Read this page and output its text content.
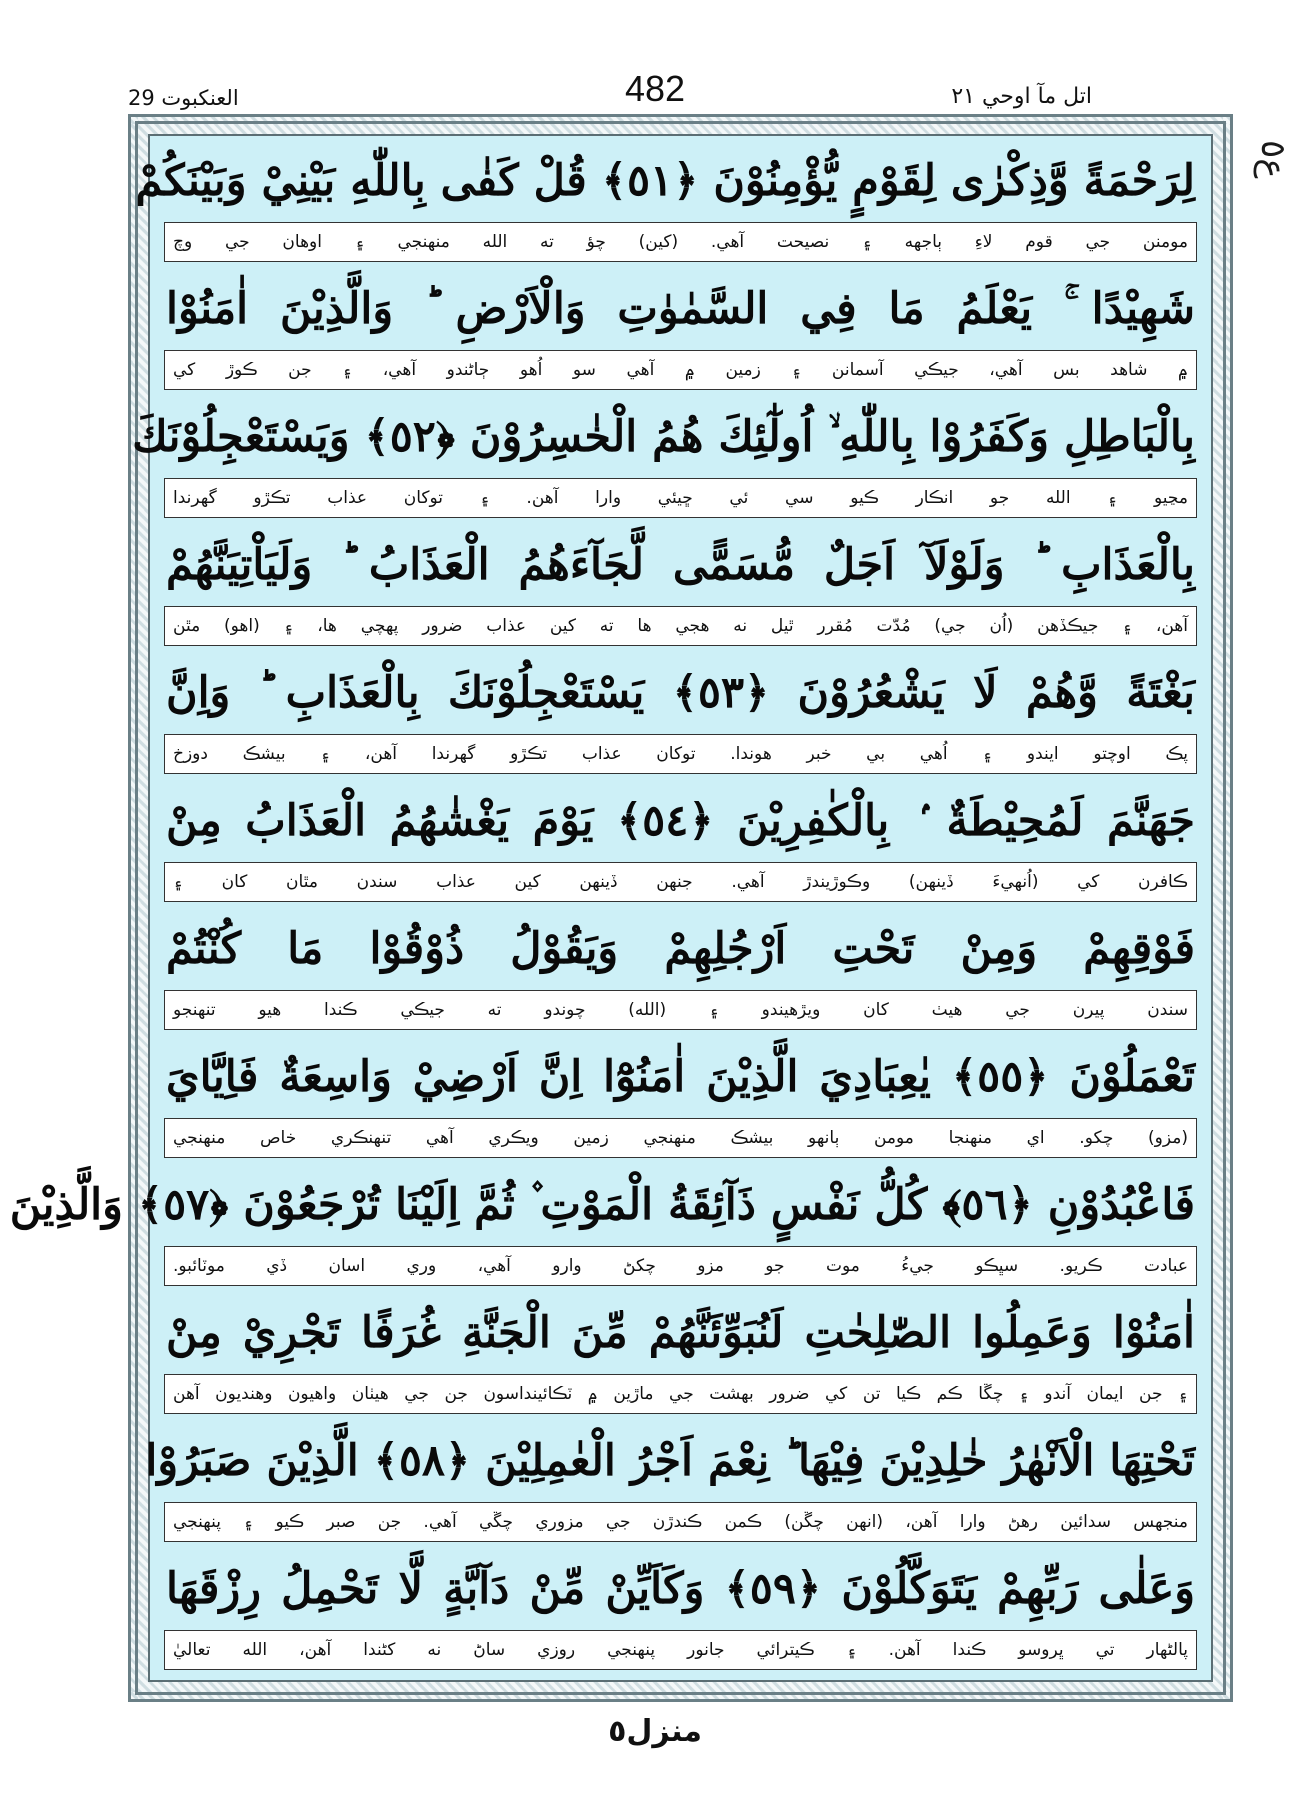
العنكبوت 29	482	اتل مآ اوحي ٢١
ع٥
لِرَحْمَةً وَّذِكْرٰى لِقَوْمٍ يُّؤْمِنُوْنَ ﴿٥١﴾ قُلْ كَفٰى بِاللّٰهِ بَيْنِيْ وَبَيْنَكُمْ
مومنن جي قوم لاءِ ٻاجهه ۽ نصيحت آهي. (کين) چؤ ته الله منهنجي ۽ اوهان جي وچ
شَهِيْدًا ۚ يَعْلَمُ مَا فِي السَّمٰوٰتِ وَالْاَرْضِ ؕ وَالَّذِيْنَ اٰمَنُوْا
۾ شاهد بس آهي، جيڪي آسمانن ۽ زمين ۾ آهي سو اُهو ڄاڻندو آهي، ۽ جن ڪوڙ کي
بِالْبَاطِلِ وَكَفَرُوْا بِاللّٰهِ ۙ اُولٰٓئِكَ هُمُ الْخٰسِرُوْنَ ﴿٥٢﴾ وَيَسْتَعْجِلُوْنَكَ
مڃيو ۽ الله جو انڪار ڪيو سي ئي ڇيئي وارا آهن. ۽ توکان عذاب تڪڙو گهرندا
بِالْعَذَابِ ؕ وَلَوْلَآ اَجَلٌ مُّسَمًّى لَّجَآءَهُمُ الْعَذَابُ ؕ وَلَيَاْتِيَنَّهُمْ
آهن، ۽ جيڪڏهن (اُن جي) مُدّت مُقرر ٿيل نه هجي ها ته کين عذاب ضرور پهچي ها، ۽ (اهو) مٿن
بَغْتَةً وَّهُمْ لَا يَشْعُرُوْنَ ﴿٥٣﴾ يَسْتَعْجِلُوْنَكَ بِالْعَذَابِ ؕ وَاِنَّ
پڪ اوچتو ايندو ۽ اُهي بي خبر هوندا. توکان عذاب تڪڙو گهرندا آهن، ۽ بيشڪ دوزخ
جَهَنَّمَ لَمُحِيْطَةٌ ۢ بِالْكٰفِرِيْنَ ﴿٥٤﴾ يَوْمَ يَغْشٰهُمُ الْعَذَابُ مِنْ
ڪافرن کي (اُنهيءَ ڏينهن) وڪوڙيندڙ آهي. جنهن ڏينهن کين عذاب سندن مٿان کان ۽
فَوْقِهِمْ وَمِنْ تَحْتِ اَرْجُلِهِمْ وَيَقُوْلُ ذُوْقُوْا مَا كُنْتُمْ
سندن پيرن جي هيٺ کان ويڙهيندو ۽ (الله) چوندو ته جيڪي ڪندا هيو تنهنجو
تَعْمَلُوْنَ ﴿٥٥﴾ يٰعِبَادِيَ الَّذِيْنَ اٰمَنُوْٓا اِنَّ اَرْضِيْ وَاسِعَةٌ فَاِيَّايَ
(مزو) چکو. اي منهنجا مومن ٻانهو بيشڪ منهنجي زمين ويڪري آهي تنهنڪري خاص منهنجي
فَاعْبُدُوْنِ ﴿٥٦﴾ كُلُّ نَفْسٍ ذَآئِقَةُ الْمَوْتِ ۫ ثُمَّ اِلَيْنَا تُرْجَعُوْنَ ﴿٥٧﴾ وَالَّذِيْنَ
عبادت ڪريو. سڀڪو جيءُ موت جو مزو چکڻ وارو آهي، وري اسان ڏي موٽائبو.
اٰمَنُوْا وَعَمِلُوا الصّٰلِحٰتِ لَنُبَوِّئَنَّهُمْ مِّنَ الْجَنَّةِ غُرَفًا تَجْرِيْ مِنْ
۽ جن ايمان آندو ۽ چڱا ڪم ڪيا تن کي ضرور بهشت جي ماڙين ۾ ٽڪائينداسون جن جي هيٺان واهيون وهنديون آهن
تَحْتِهَا الْاَنْهٰرُ خٰلِدِيْنَ فِيْهَا ؕ نِعْمَ اَجْرُ الْعٰمِلِيْنَ ﴿٥٨﴾ الَّذِيْنَ صَبَرُوْا
منجهس سدائين رهڻ وارا آهن، (انهن چڱن) ڪمن ڪندڙن جي مزوري چڱي آهي. جن صبر ڪيو ۽ پنهنجي
وَعَلٰى رَبِّهِمْ يَتَوَكَّلُوْنَ ﴿٥٩﴾ وَكَاَيِّنْ مِّنْ دَآبَّةٍ لَّا تَحْمِلُ رِزْقَهَا
پالڻهار تي ڀروسو ڪندا آهن. ۽ ڪيترائي جانور پنهنجي روزي ساڻ نه کڻندا آهن، الله تعاليٰ
منزل٥
